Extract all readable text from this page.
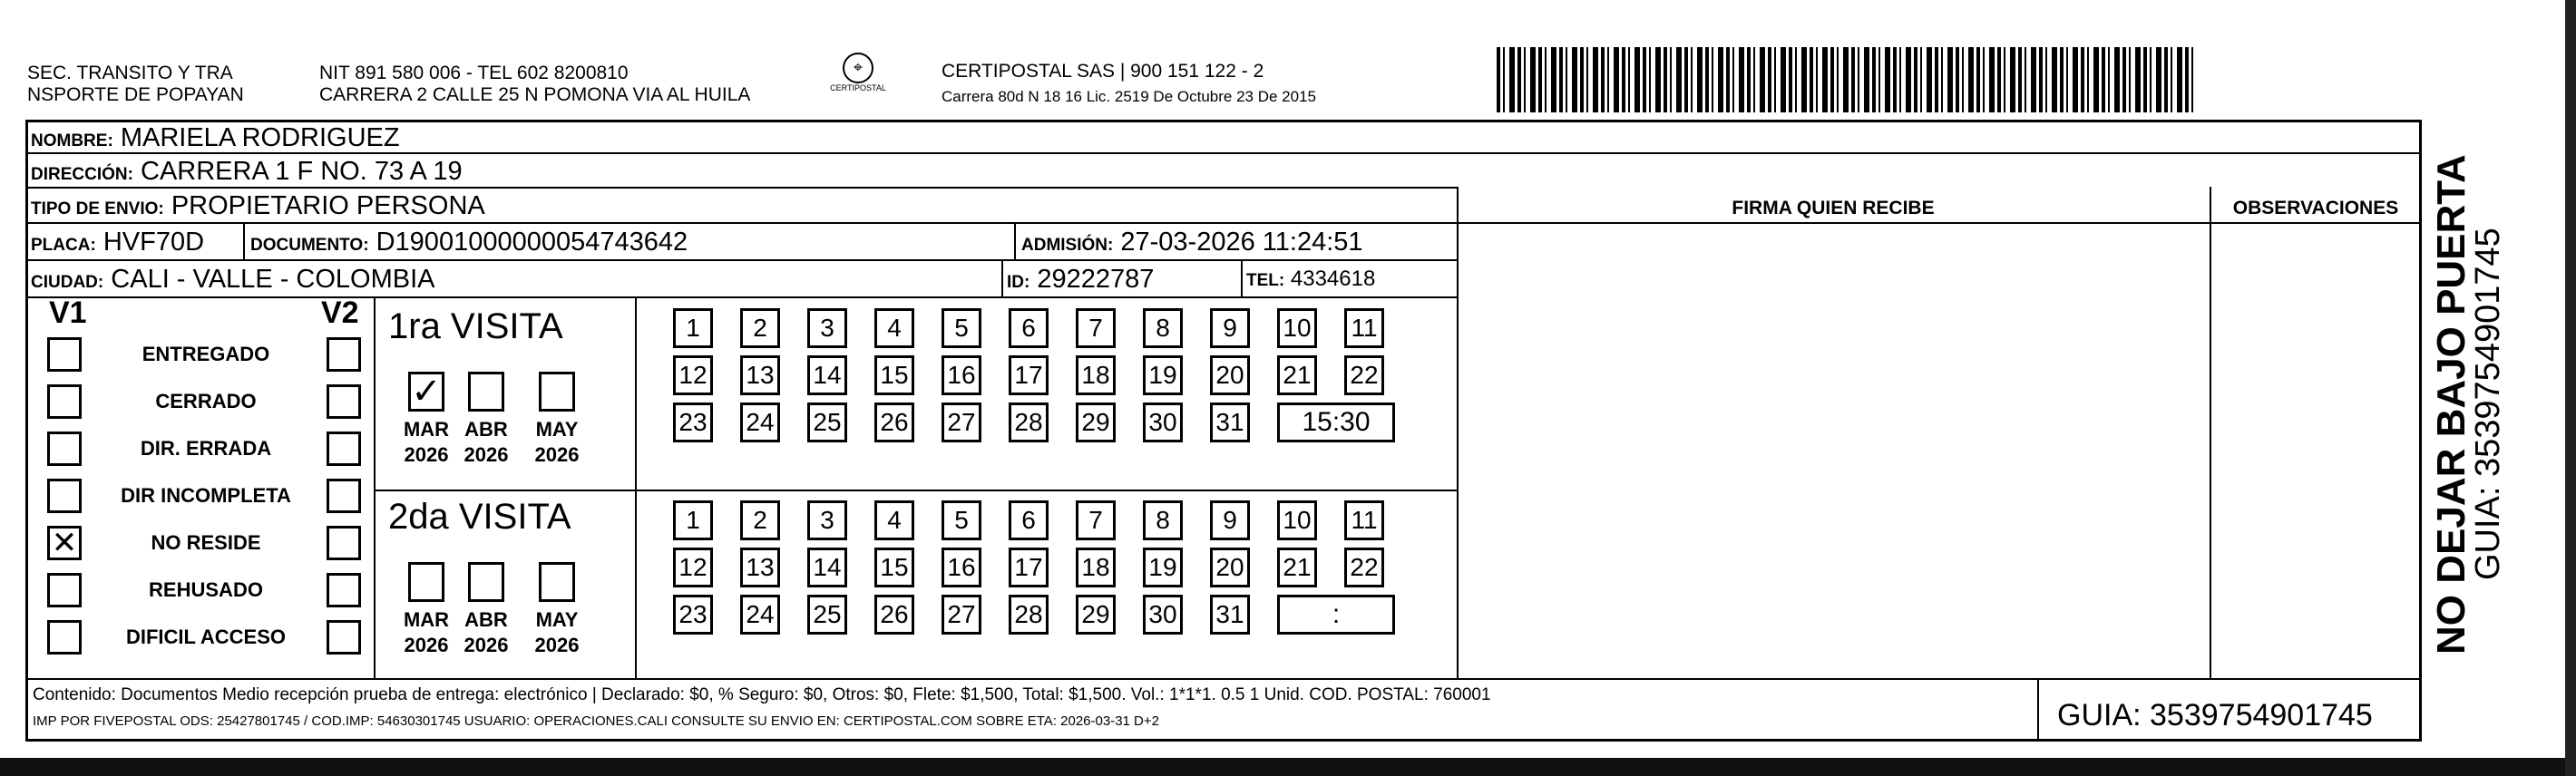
SEC. TRANSITO Y TRA
NSPORTE DE POPAYAN
NIT 891 580 006 - TEL 602 8200810
CARRERA 2 CALLE 25 N POMONA VIA AL HUILA
⌖
CERTIPOSTAL
CERTIPOSTAL SAS | 900 151 122 - 2
Carrera 80d N 18 16 Lic. 2519 De Octubre 23 De 2015
NOMBRE: MARIELA RODRIGUEZ
DIRECCIÓN: CARRERA 1 F NO. 73 A 19
TIPO DE ENVIO: PROPIETARIO PERSONA
PLACA: HVF70D	DOCUMENTO: D19001000000054743642	ADMISIÓN: 27-03-2026 11:24:51
CIUDAD: CALI - VALLE - COLOMBIA	ID: 29222787	TEL: 4334618
FIRMA QUIEN RECIBE	OBSERVACIONES
V1	V2
ENTREGADO
CERRADO
DIR. ERRADA
DIR INCOMPLETA
✕	NO RESIDE
REHUSADO
DIFICIL ACCESO
1ra VISITA
2da VISITA
✓
MAR
2026
ABR
2026
MAY
2026
1	2	3	4	5	6	7	8	9	10 11
12 13 14 15 16 17 18 19 20 21 22
23 24 25 26 27 28 29 30 31	15:30
MAR
2026
ABR
2026
MAY
2026
1	2	3	4	5	6	7	8	9	10 11
12 13 14 15 16 17 18 19 20 21 22
23 24 25 26 27 28 29 30 31	:
Contenido: Documentos Medio recepción prueba de entrega: electrónico | Declarado: $0, % Seguro: $0, Otros: $0, Flete: $1,500, Total: $1,500. Vol.: 1*1*1. 0.5 1 Unid. COD. POSTAL: 760001
IMP POR FIVEPOSTAL ODS: 25427801745 / COD.IMP: 54630301745 USUARIO: OPERACIONES.CALI CONSULTE SU ENVIO EN: CERTIPOSTAL.COM SOBRE ETA: 2026-03-31 D+2	GUIA: 3539754901745
NO DEJAR BAJO PUERTA
GUIA: 3539754901745
